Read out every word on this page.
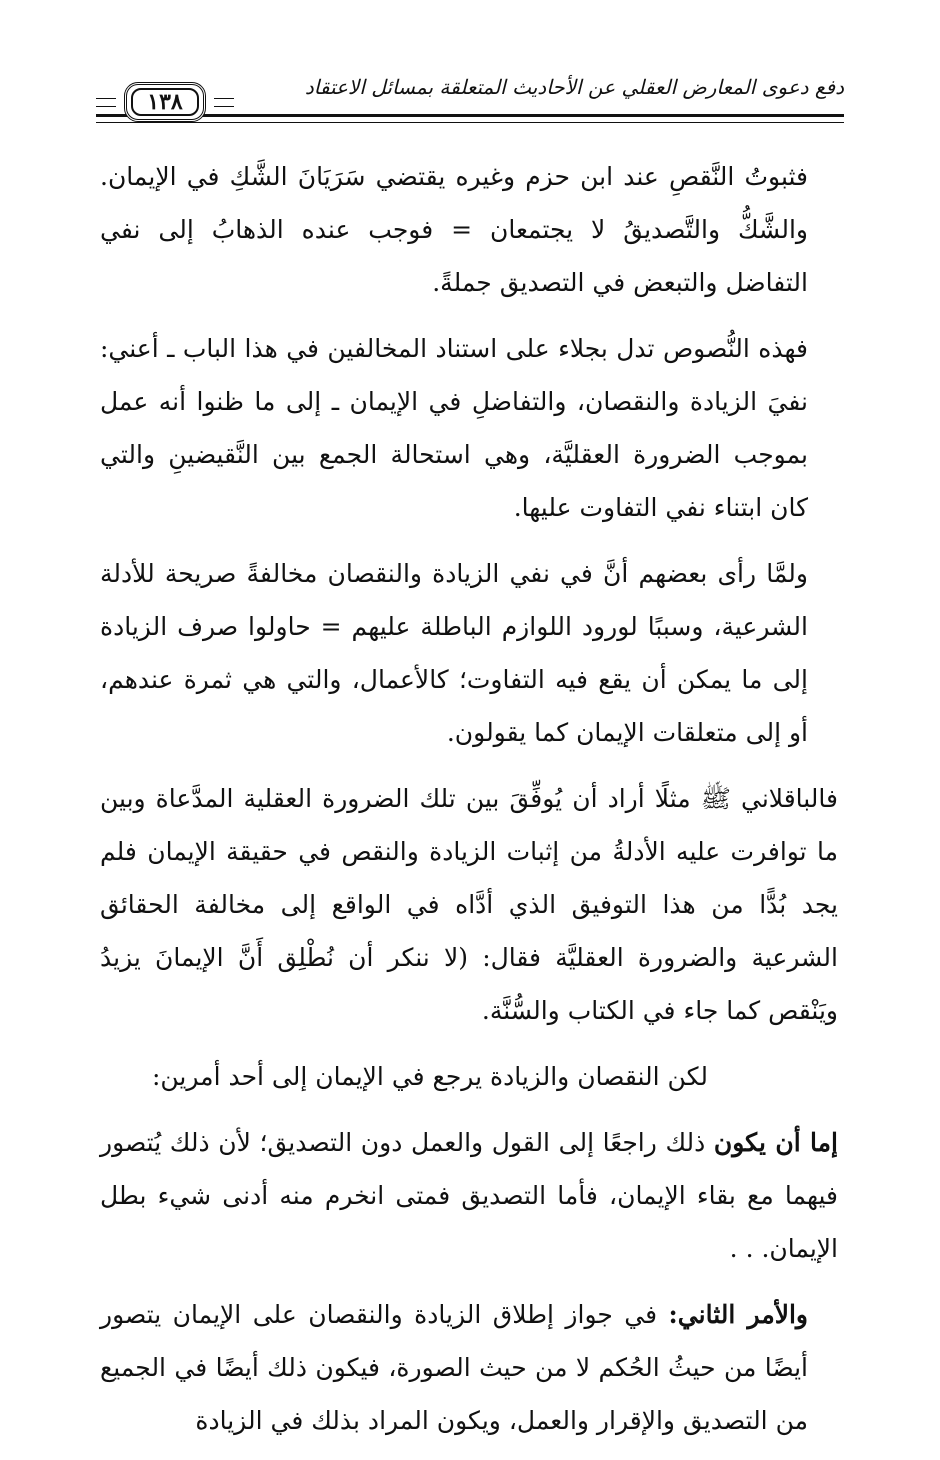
دفع دعوى المعارض العقلي عن الأحاديث المتعلقة بمسائل الاعتقاد
١٣٨

فثبوتُ النَّقصِ عند ابن حزم وغيره يقتضي سَرَيَانَ الشَّكِ في الإيمان. والشَّكُّ والتَّصديقُ لا يجتمعان = فوجب عنده الذهابُ إلى نفي التفاضل والتبعض في التصديق جملةً.

فهذه النُّصوص تدل بجلاء على استناد المخالفين في هذا الباب ـ أعني: نفيَ الزيادة والنقصان، والتفاضلِ في الإيمان ـ إلى ما ظنوا أنه عمل بموجب الضرورة العقليَّة، وهي استحالة الجمع بين النَّقيضينِ والتي كان ابتناء نفي التفاوت عليها.

ولمَّا رأى بعضهم أنَّ في نفي الزيادة والنقصان مخالفةً صريحة للأدلة الشرعية، وسببًا لورود اللوازم الباطلة عليهم = حاولوا صرف الزيادة إلى ما يمكن أن يقع فيه التفاوت؛ كالأعمال، والتي هي ثمرة عندهم، أو إلى متعلقات الإيمان كما يقولون.

فالباقلاني ﷺ مثلًا أراد أن يُوفِّقَ بين تلك الضرورة العقلية المدَّعاة وبين ما توافرت عليه الأدلةُ من إثبات الزيادة والنقص في حقيقة الإيمان فلم يجد بُدًّا من هذا التوفيق الذي أدَّاه في الواقع إلى مخالفة الحقائق الشرعية والضرورة العقليَّة فقال: (لا ننكر أن نُطْلِق أَنَّ الإيمانَ يزيدُ ويَنْقص كما جاء في الكتاب والسُّنَّة.

لكن النقصان والزيادة يرجع في الإيمان إلى أحد أمرين:

إما أن يكون ذلك راجعًا إلى القول والعمل دون التصديق؛ لأن ذلك يُتصور فيهما مع بقاء الإيمان، فأما التصديق فمتى انخرم منه أدنى شيء بطل الإيمان. . .

والأمر الثاني: في جواز إطلاق الزيادة والنقصان على الإيمان يتصور أيضًا من حيثُ الحُكم لا من حيث الصورة، فيكون ذلك أيضًا في الجميع من التصديق والإقرار والعمل، ويكون المراد بذلك في الزيادة
